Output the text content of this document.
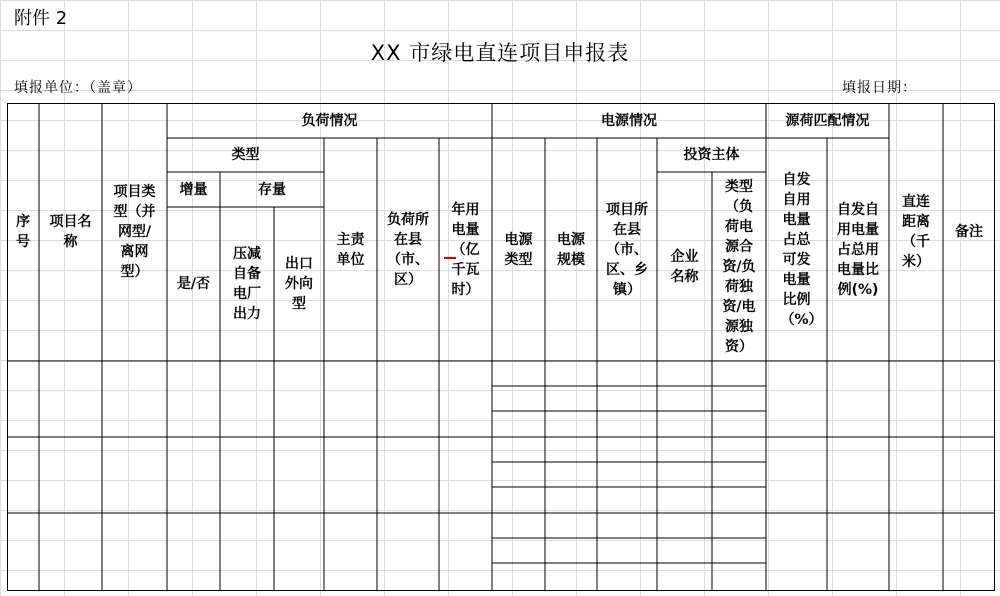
附件 2
XX 市绿电直连项目申报表
填报单位：（盖章）	填报日期：
序号
项目名称
项目类型（并网型/离网型）
负荷情况
类型
增量	存量
是/否
压减自备电厂出力
出口外向型
主责单位
负荷所在县（市、区）
年用电量（亿千瓦时）
电源情况
电源类型
电源规模
项目所在县（市、区、乡镇）
投资主体
企业名称
类型（负荷电源合资/负荷独资/电源独资）
源荷匹配情况
自发自用电量占总可发电量比例（%）
自发自用电量占总用电量比例(%)
直连距离（千米）
备注
